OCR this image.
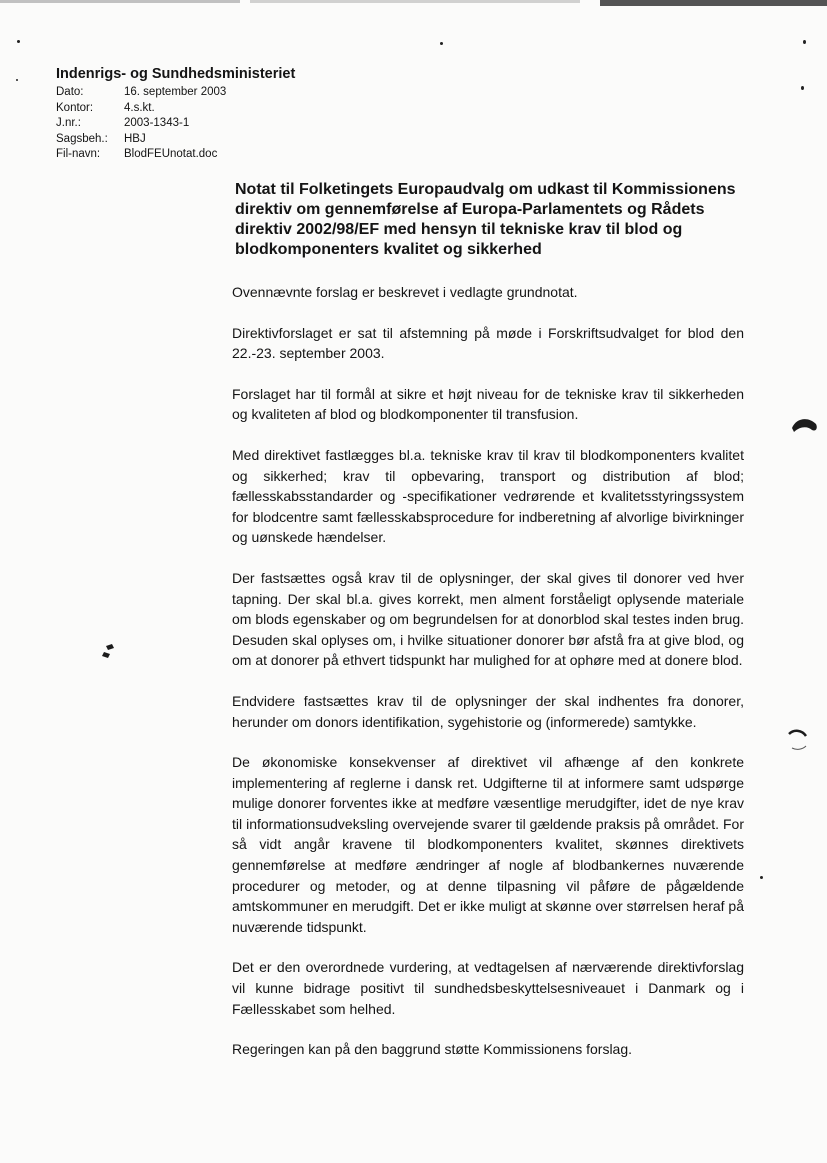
Indenrigs- og Sundhedsministeriet
Dato:	16. september 2003
Kontor:	4.s.kt.
J.nr.:	2003-1343-1
Sagsbeh.:	HBJ
Fil-navn:	BlodFEUnotat.doc
Notat til Folketingets Europaudvalg om udkast til Kommissionens direktiv om gennemførelse af Europa-Parlamentets og Rådets direktiv 2002/98/EF med hensyn til tekniske krav til blod og blodkomponenters kvalitet og sikkerhed

Ovennævnte forslag er beskrevet i vedlagte grundnotat.

Direktivforslaget er sat til afstemning på møde i Forskriftsudvalget for blod den 22.-23. september 2003.

Forslaget har til formål at sikre et højt niveau for de tekniske krav til sikkerheden og kvaliteten af blod og blodkomponenter til transfusion.

Med direktivet fastlægges bl.a. tekniske krav til krav til blodkomponenters kvalitet og sikkerhed; krav til opbevaring, transport og distribution af blod; fællesskabsstandarder og -specifikationer vedrørende et kvalitetsstyringssystem for blodcentre samt fællesskabsprocedure for indberetning af alvorlige bivirkninger og uønskede hændelser.

Der fastsættes også krav til de oplysninger, der skal gives til donorer ved hver tapning. Der skal bl.a. gives korrekt, men alment forståeligt oplysende materiale om blods egenskaber og om begrundelsen for at donorblod skal testes inden brug. Desuden skal oplyses om, i hvilke situationer donorer bør afstå fra at give blod, og om at donorer på ethvert tidspunkt har mulighed for at ophøre med at donere blod.

Endvidere fastsættes krav til de oplysninger der skal indhentes fra donorer, herunder om donors identifikation, sygehistorie og (informerede) samtykke.

De økonomiske konsekvenser af direktivet vil afhænge af den konkrete implementering af reglerne i dansk ret. Udgifterne til at informere samt udspørge mulige donorer forventes ikke at medføre væsentlige merudgifter, idet de nye krav til informationsudveksling overvejende svarer til gældende praksis på området. For så vidt angår kravene til blodkomponenters kvalitet, skønnes direktivets gennemførelse at medføre ændringer af nogle af blodbankernes nuværende procedurer og metoder, og at denne tilpasning vil påføre de pågældende amtskommuner en merudgift. Det er ikke muligt at skønne over størrelsen heraf på nuværende tidspunkt.

Det er den overordnede vurdering, at vedtagelsen af nærværende direktivforslag vil kunne bidrage positivt til sundhedsbeskyttelsesniveauet i Danmark og i Fællesskabet som helhed.

Regeringen kan på den baggrund støtte Kommissionens forslag.
